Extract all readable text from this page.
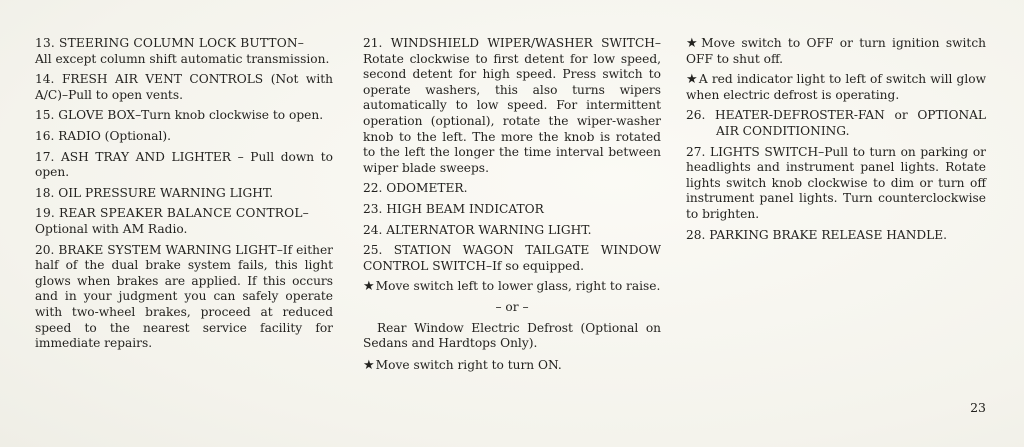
13. STEERING COLUMN LOCK BUTTON–
All except column shift automatic transmission.

14. FRESH AIR VENT CONTROLS (Not with A/C)–Pull to open vents.

15. GLOVE BOX–Turn knob clockwise to open.

16. RADIO (Optional).

17. ASH TRAY AND LIGHTER – Pull down to open.

18. OIL PRESSURE WARNING LIGHT.

19. REAR SPEAKER BALANCE CONTROL–
Optional with AM Radio.

20. BRAKE SYSTEM WARNING LIGHT–If either half of the dual brake system fails, this light glows when brakes are applied. If this occurs and in your judgment you can safely operate with two-wheel brakes, proceed at reduced speed to the nearest service facility for immediate repairs.

21. WINDSHIELD WIPER/WASHER SWITCH– Rotate clockwise to first detent for low speed, second detent for high speed. Press switch to operate washers, this also turns wipers automatically to low speed. For intermittent operation (optional), rotate the wiper-washer knob to the left. The more the knob is rotated to the left the longer the time interval between wiper blade sweeps.

22. ODOMETER.

23. HIGH BEAM INDICATOR

24. ALTERNATOR WARNING LIGHT.

25. STATION WAGON TAILGATE WINDOW CONTROL SWITCH–If so equipped.

★Move switch left to lower glass, right to raise.

– or –

Rear Window Electric Defrost (Optional on Sedans and Hardtops Only).

★Move switch right to turn ON.

★Move switch to OFF or turn ignition switch OFF to shut off.

★A red indicator light to left of switch will glow when electric defrost is operating.

26. HEATER-DEFROSTER-FAN or OPTIONAL AIR CONDITIONING.

27. LIGHTS SWITCH–Pull to turn on parking or headlights and instrument panel lights. Rotate lights switch knob clockwise to dim or turn off instrument panel lights. Turn counterclockwise to brighten.

28. PARKING BRAKE RELEASE HANDLE.

23
